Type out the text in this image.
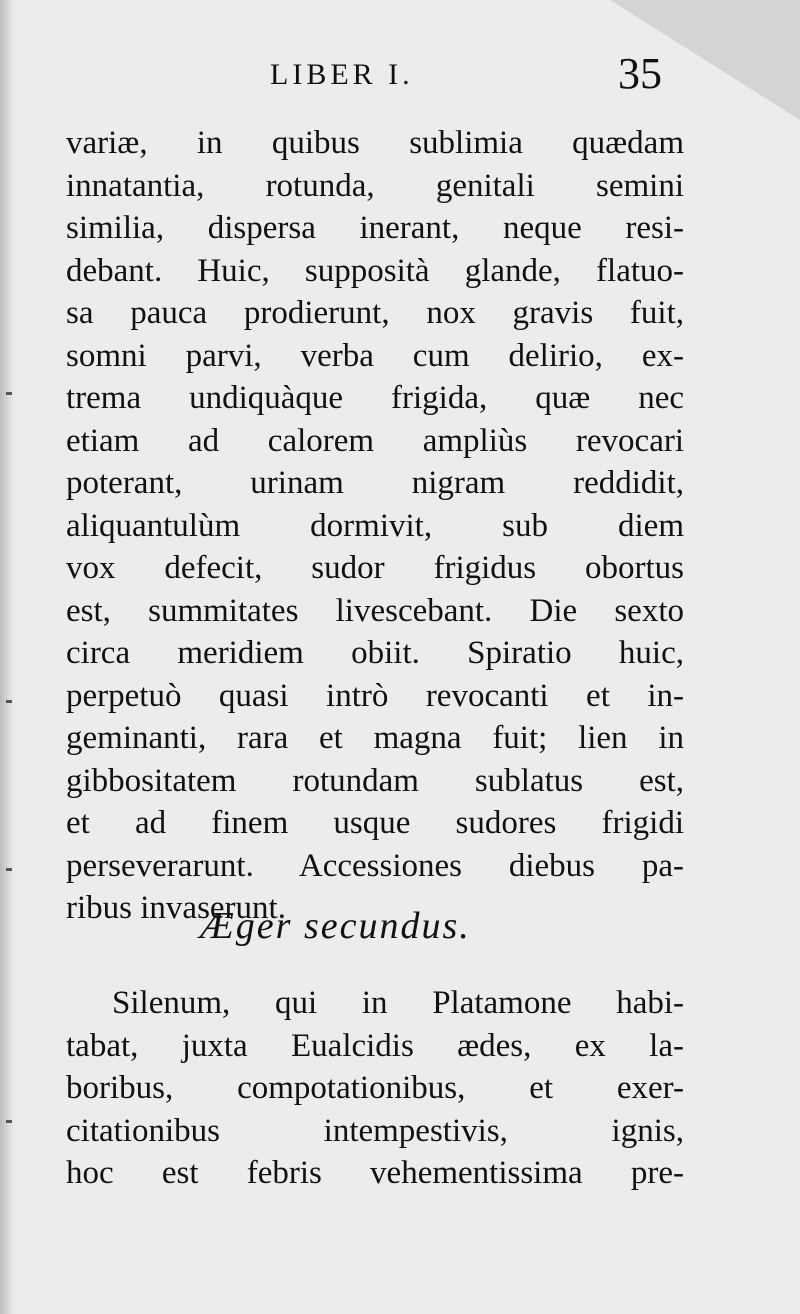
LIBER I.	35
variæ, in quibus sublimia quædam
innatantia, rotunda, genitali semini
similia, dispersa inerant, neque resi-
debant. Huic, supposità glande, flatuo-
sa pauca prodierunt, nox gravis fuit,
somni parvi, verba cum delirio, ex-
trema undiquàque frigida, quæ nec
etiam ad calorem ampliùs revocari
poterant, urinam nigram reddidit,
aliquantulùm dormivit, sub diem
vox defecit, sudor frigidus obortus
est, summitates livescebant. Die sexto
circa meridiem obiit. Spiratio huic,
perpetuò quasi intrò revocanti et in-
geminanti, rara et magna fuit; lien in
gibbositatem rotundam sublatus est,
et ad finem usque sudores frigidi
perseverarunt. Accessiones diebus pa-
ribus invaserunt.
Æger secundus.
Silenum, qui in Platamone habi-
tabat, juxta Eualcidis ædes, ex la-
boribus, compotationibus, et exer-
citationibus intempestivis, ignis,
hoc est febris vehementissima pre-
